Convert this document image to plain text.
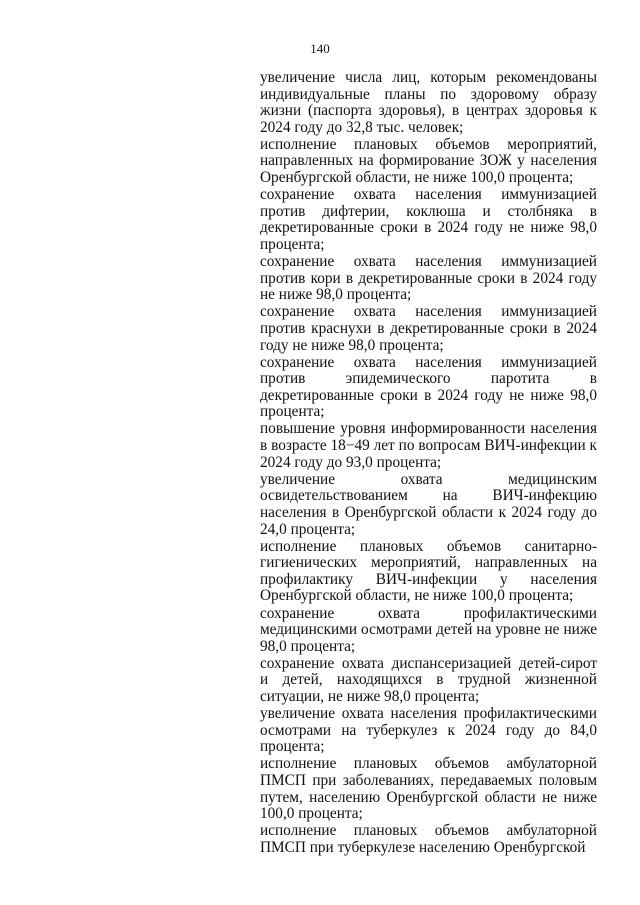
140

увеличение числа лиц, которым рекомендованы индивидуальные планы по здоровому образу жизни (паспорта здоровья), в центрах здоровья к 2024 году до 32,8 тыс. человек;

исполнение плановых объемов мероприятий, направленных на формирование ЗОЖ у населения Оренбургской области, не ниже 100,0 процента;

сохранение охвата населения иммунизацией против дифтерии, коклюша и столбняка в декретированные сроки в 2024 году не ниже 98,0 процента;

сохранение охвата населения иммунизацией против кори в декретированные сроки в 2024 году не ниже 98,0 процента;

сохранение охвата населения иммунизацией против краснухи в декретированные сроки в 2024 году не ниже 98,0 процента;

сохранение охвата населения иммунизацией против эпидемического паротита в декретированные сроки в 2024 году не ниже 98,0 процента;

повышение уровня информированности населения в возрасте 18−49 лет по вопросам ВИЧ-инфекции к 2024 году до 93,0 процента;

увеличение охвата медицинским освидетельствованием на ВИЧ-инфекцию населения в Оренбургской области к 2024 году до 24,0 процента;

исполнение плановых объемов санитарно-гигиенических мероприятий, направленных на профилактику ВИЧ-инфекции у населения Оренбургской области, не ниже 100,0 процента;

сохранение охвата профилактическими медицинскими осмотрами детей на уровне не ниже 98,0 процента;

сохранение охвата диспансеризацией детей-сирот и детей, находящихся в трудной жизненной ситуации, не ниже 98,0 процента;

увеличение охвата населения профилактическими осмотрами на туберкулез к 2024 году до 84,0 процента;

исполнение плановых объемов амбулаторной ПМСП при заболеваниях, передаваемых половым путем, населению Оренбургской области не ниже 100,0 процента;

исполнение плановых объемов амбулаторной ПМСП при туберкулезе населению Оренбургской
